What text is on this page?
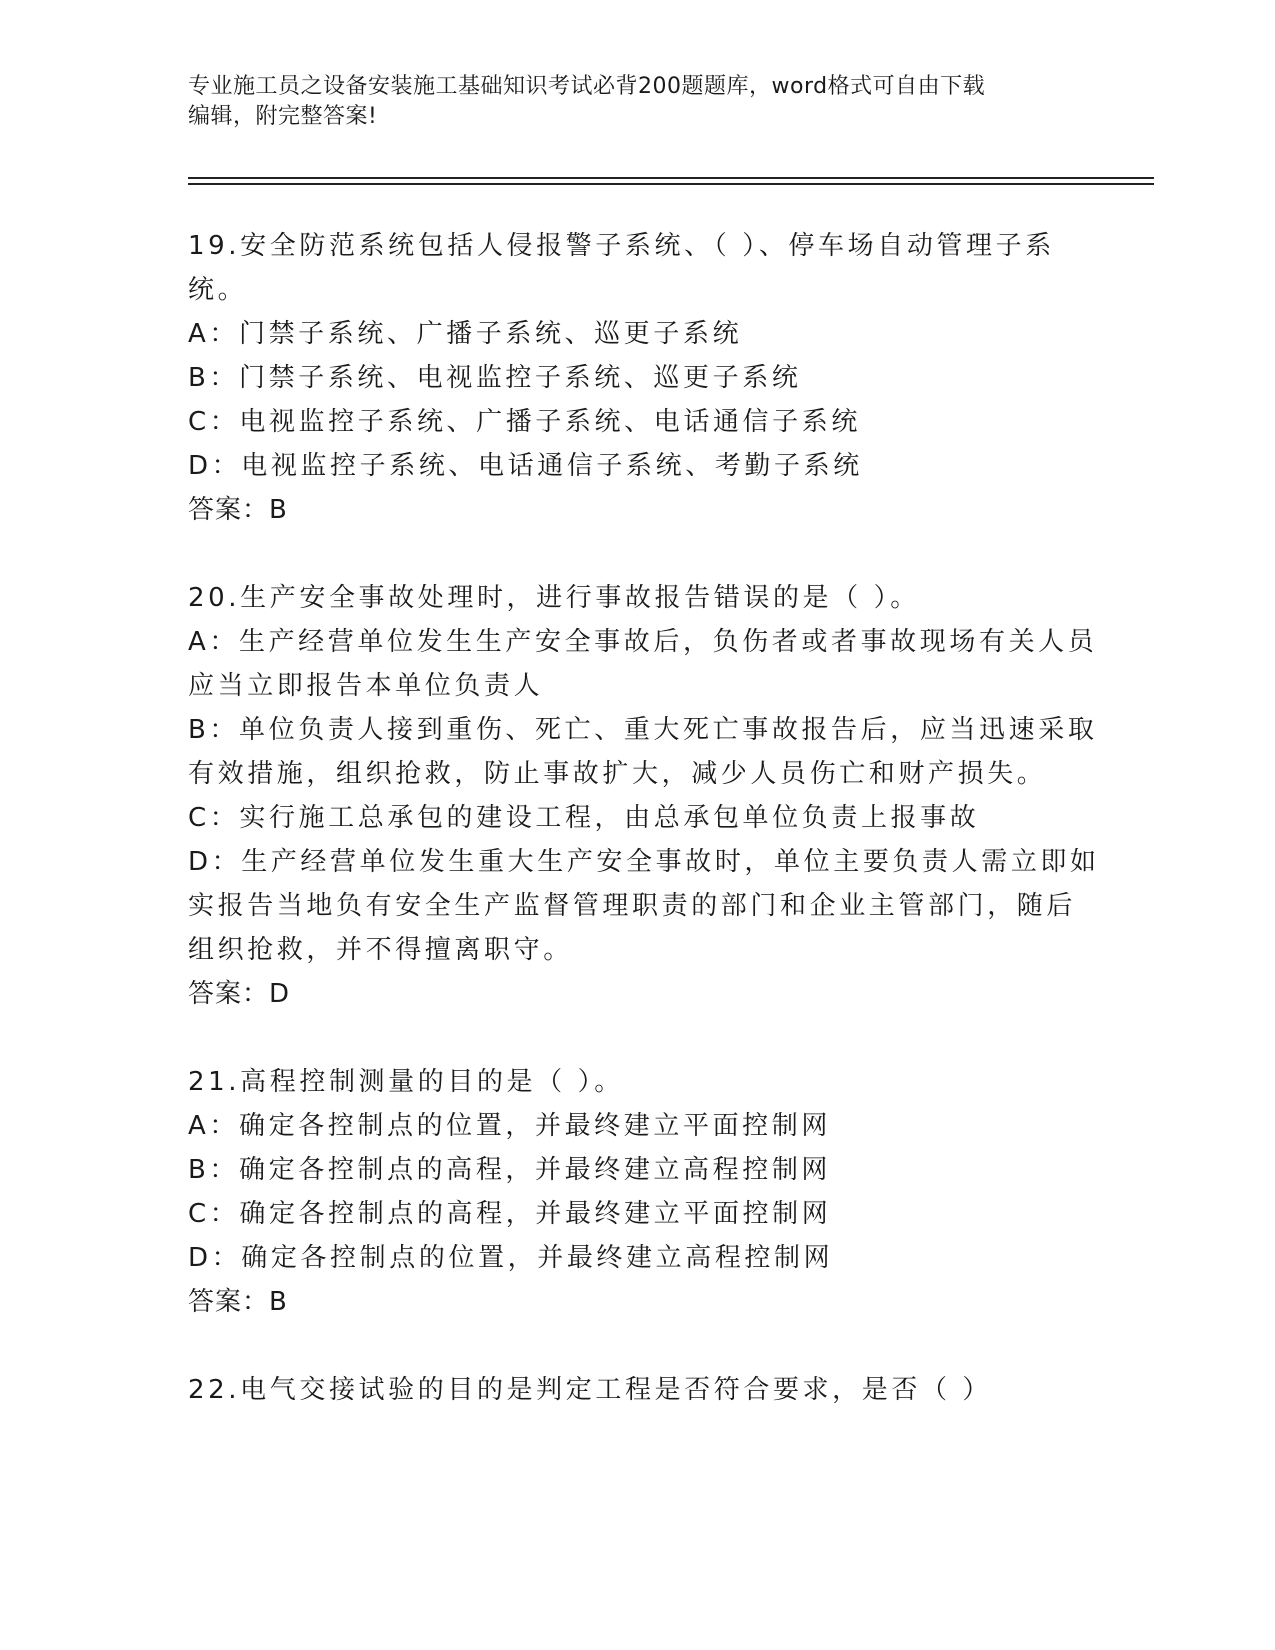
专业施工员之设备安装施工基础知识考试必背200题题库，word格式可自由下载
编辑，附完整答案!
19.安全防范系统包括人侵报警子系统、（ ）、停车场自动管理子系
统。
A：门禁子系统、广播子系统、巡更子系统
B：门禁子系统、电视监控子系统、巡更子系统
C：电视监控子系统、广播子系统、电话通信子系统
D：电视监控子系统、电话通信子系统、考勤子系统
答案：B
20.生产安全事故处理时，进行事故报告错误的是（ ）。
A：生产经营单位发生生产安全事故后，负伤者或者事故现场有关人员
应当立即报告本单位负责人
B：单位负责人接到重伤、死亡、重大死亡事故报告后，应当迅速采取
有效措施，组织抢救，防止事故扩大，减少人员伤亡和财产损失。
C：实行施工总承包的建设工程，由总承包单位负责上报事故
D：生产经营单位发生重大生产安全事故时，单位主要负责人需立即如
实报告当地负有安全生产监督管理职责的部门和企业主管部门，随后
组织抢救，并不得擅离职守。
答案：D
21.高程控制测量的目的是（ ）。
A：确定各控制点的位置，并最终建立平面控制网
B：确定各控制点的高程，并最终建立高程控制网
C：确定各控制点的高程，并最终建立平面控制网
D：确定各控制点的位置，并最终建立高程控制网
答案：B
22.电气交接试验的目的是判定工程是否符合要求，是否（ ）
